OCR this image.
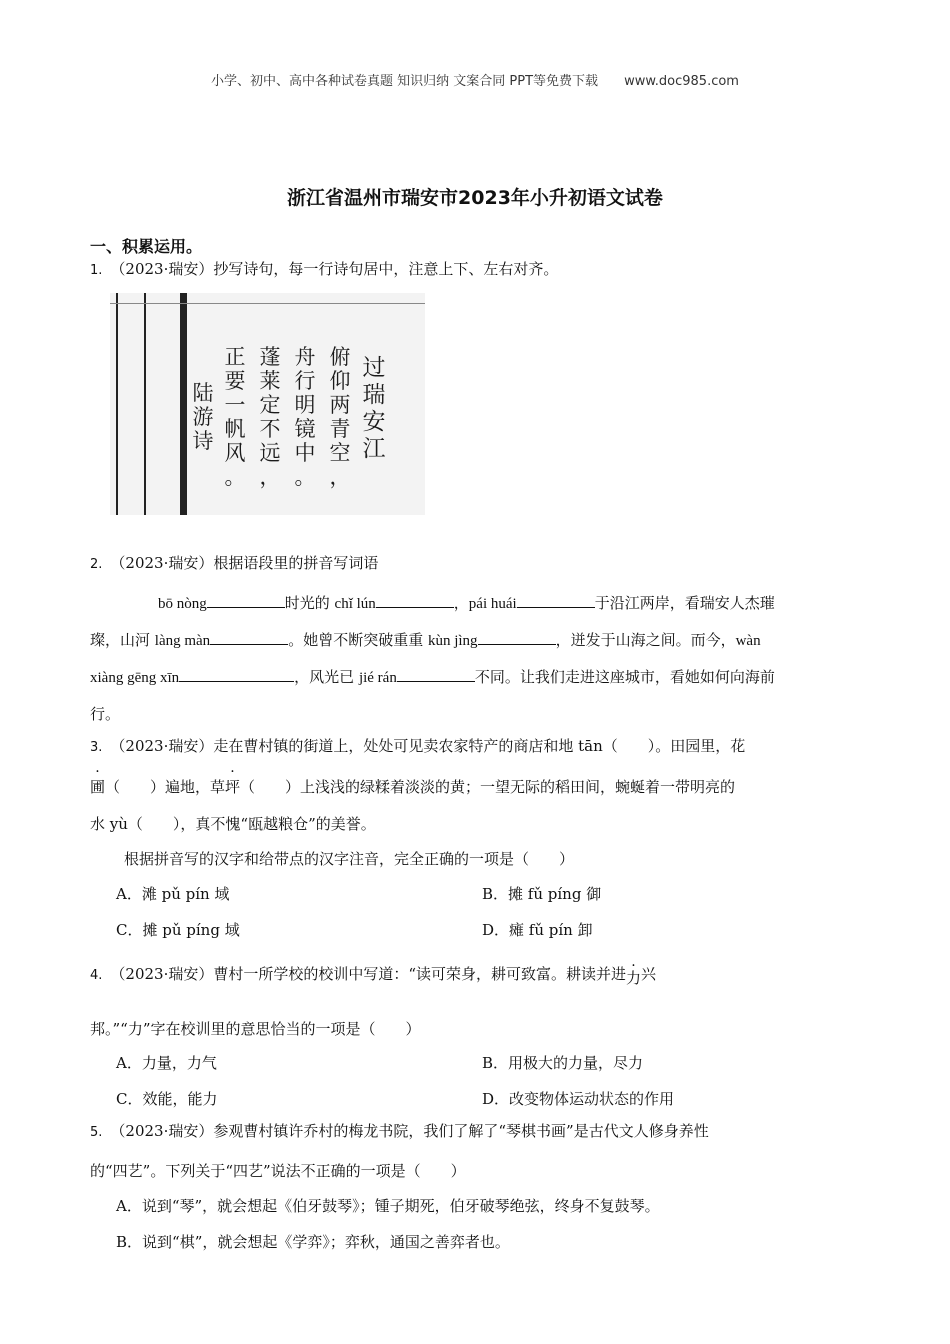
小学、初中、高中各种试卷真题 知识归纳 文案合同 PPT等免费下载 www.doc985.com
浙江省温州市瑞安市2023年小升初语文试卷
一、积累运用。
1. （2023·瑞安）抄写诗句，每一行诗句居中，注意上下、左右对齐。
陆
游
诗
正
要
一
帆
风
。
蓬
莱
定
不
远
，
舟
行
明
镜
中
。
俯
仰
两
青
空
，
过
瑞
安
江
2. （2023·瑞安）根据语段里的拼音写词语
bō nòng	时光的 chǐ lún	，pái huái	于沿江两岸，看瑞安人杰璀
璨，山河 làng màn	。她曾不断突破重重 kùn jìng	，迸发于山海之间。而今，wàn
xiàng gēng xīn	，风光已 jié rán	不同。让我们走进这座城市，看她如何向海前
行。
3. （2023·瑞安）走在曹村镇的街道上，处处可见卖农家特产的商店和地 tān（　　）。田园里，花
圃（　　）遍地，草坪（　　）上浅浅的绿糅着淡淡的黄；一望无际的稻田间，蜿蜒着一带明亮的
水 yù（　　），真不愧“瓯越粮仓”的美誉。
根据拼音写的汉字和给带点的汉字注音，完全正确的一项是（　　）
A．滩 pǔ pín 域	B．摊 fǔ píng 御
C．摊 pǔ píng 域	D．瘫 fǔ pín 卸
4. （2023·瑞安）曹村一所学校的校训中写道：“读可荣身，耕可致富。耕读并进力兴
邦。”“力”字在校训里的意思恰当的一项是（　　）
A．力量，力气	B．用极大的力量，尽力
C．效能，能力	D．改变物体运动状态的作用
5. （2023·瑞安）参观曹村镇许乔村的梅龙书院，我们了解了“琴棋书画”是古代文人修身养性
的“四艺”。下列关于“四艺”说法不正确的一项是（　　）
A．说到“琴”，就会想起《伯牙鼓琴》；锺子期死，伯牙破琴绝弦，终身不复鼓琴。
B．说到“棋”，就会想起《学弈》；弈秋，通国之善弈者也。
